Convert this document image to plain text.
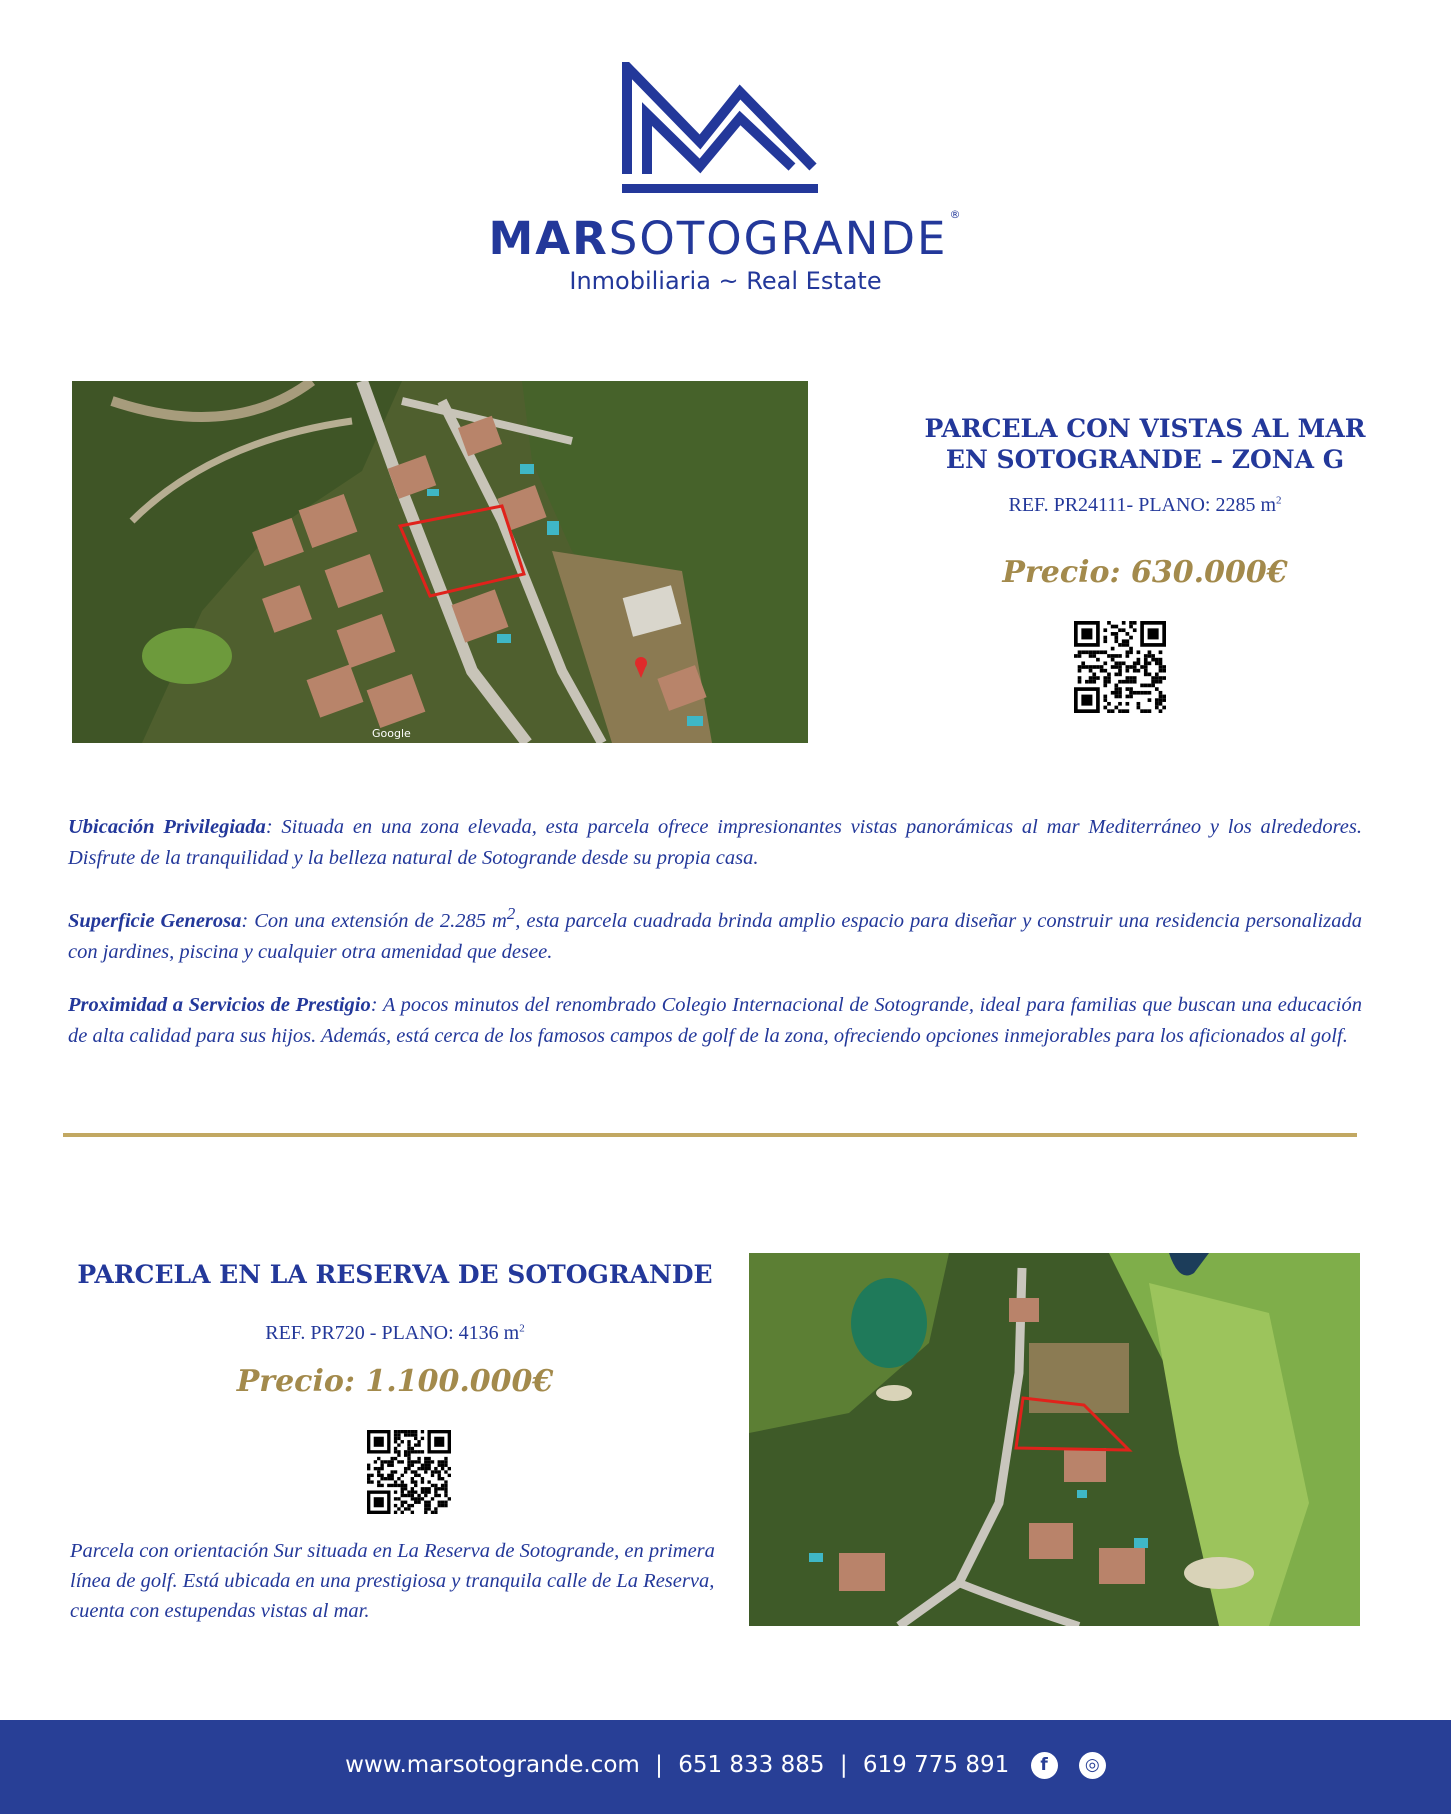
MARSOTOGRANDE ®
Inmobiliaria ~ Real Estate
Google
PARCELA CON VISTAS AL MAR
EN SOTOGRANDE – ZONA G
REF. PR24111- PLANO: 2285 $m^2$
Precio: 630.000€
Ubicación Privilegiada: Situada en una zona elevada, esta parcela ofrece impresionantes vistas panorámicas al mar Mediterráneo y los alrededores. Disfrute de la tranquilidad y la belleza natural de Sotogrande desde su propia casa.
Superficie Generosa: Con una extensión de 2.285 $m^2$, esta parcela cuadrada brinda amplio espacio para diseñar y construir una residencia personalizada con jardines, piscina y cualquier otra amenidad que desee.
Proximidad a Servicios de Prestigio: A pocos minutos del renombrado Colegio Internacional de Sotogrande, ideal para familias que buscan una educación de alta calidad para sus hijos. Además, está cerca de los famosos campos de golf de la zona, ofreciendo opciones inmejorables para los aficionados al golf.
PARCELA EN LA RESERVA DE SOTOGRANDE
REF. PR720 - PLANO: 4136 $m^2$
Precio: 1.100.000€
Parcela con orientación Sur situada en La Reserva de Sotogrande, en primera línea de golf. Está ubicada en una prestigiosa y tranquila calle de La Reserva, cuenta con estupendas vistas al mar.
www.marsotogrande.com | 651 833 885 | 619 775 891 f ◎
